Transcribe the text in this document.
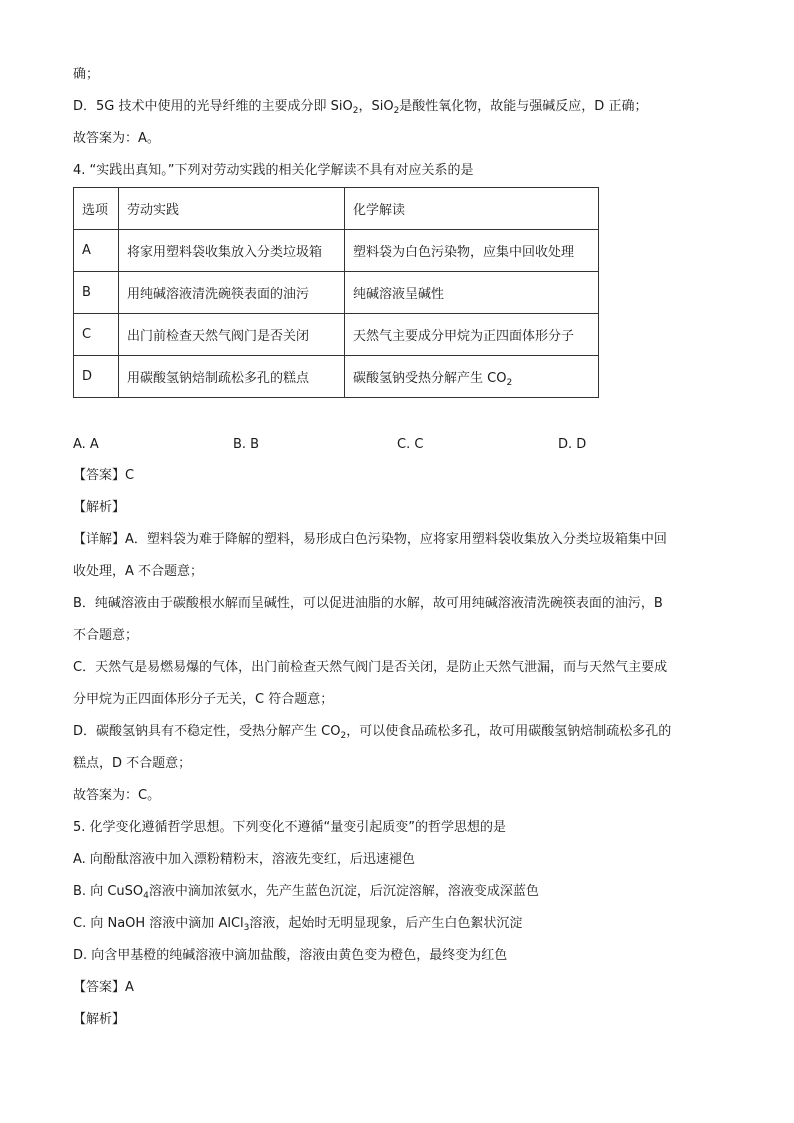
确；
D．5G 技术中使用的光导纤维的主要成分即 SiO$_2$，SiO$_2$是酸性氧化物，故能与强碱反应，D 正确；
故答案为：A。
4. “实践出真知。”下列对劳动实践的相关化学解读不具有对应关系的是
选项	劳动实践	化学解读
A	将家用塑料袋收集放入分类垃圾箱	塑料袋为白色污染物，应集中回收处理
B	用纯碱溶液清洗碗筷表面的油污	纯碱溶液呈碱性
C	出门前检查天然气阀门是否关闭	天然气主要成分甲烷为正四面体形分子
D	用碳酸氢钠焙制疏松多孔的糕点	碳酸氢钠受热分解产生 $CO_2$
A. A	B. B	C. C	D. D
【答案】C
【解析】
【详解】A．塑料袋为难于降解的塑料，易形成白色污染物，应将家用塑料袋收集放入分类垃圾箱集中回
收处理，A 不合题意；
B．纯碱溶液由于碳酸根水解而呈碱性，可以促进油脂的水解，故可用纯碱溶液清洗碗筷表面的油污，B
不合题意；
C．天然气是易燃易爆的气体，出门前检查天然气阀门是否关闭，是防止天然气泄漏，而与天然气主要成
分甲烷为正四面体形分子无关，C 符合题意；
D．碳酸氢钠具有不稳定性，受热分解产生 $CO_2$，可以使食品疏松多孔，故可用碳酸氢钠焙制疏松多孔的
糕点，D 不合题意；
故答案为：C。
5. 化学变化遵循哲学思想。下列变化不遵循“量变引起质变”的哲学思想的是
A. 向酚酞溶液中加入漂粉精粉末，溶液先变红，后迅速褪色
B. 向 CuSO$_4$溶液中滴加浓氨水，先产生蓝色沉淀，后沉淀溶解，溶液变成深蓝色
C. 向 NaOH 溶液中滴加 AlCl$_3$溶液，起始时无明显现象，后产生白色絮状沉淀
D. 向含甲基橙的纯碱溶液中滴加盐酸，溶液由黄色变为橙色，最终变为红色
【答案】A
【解析】
